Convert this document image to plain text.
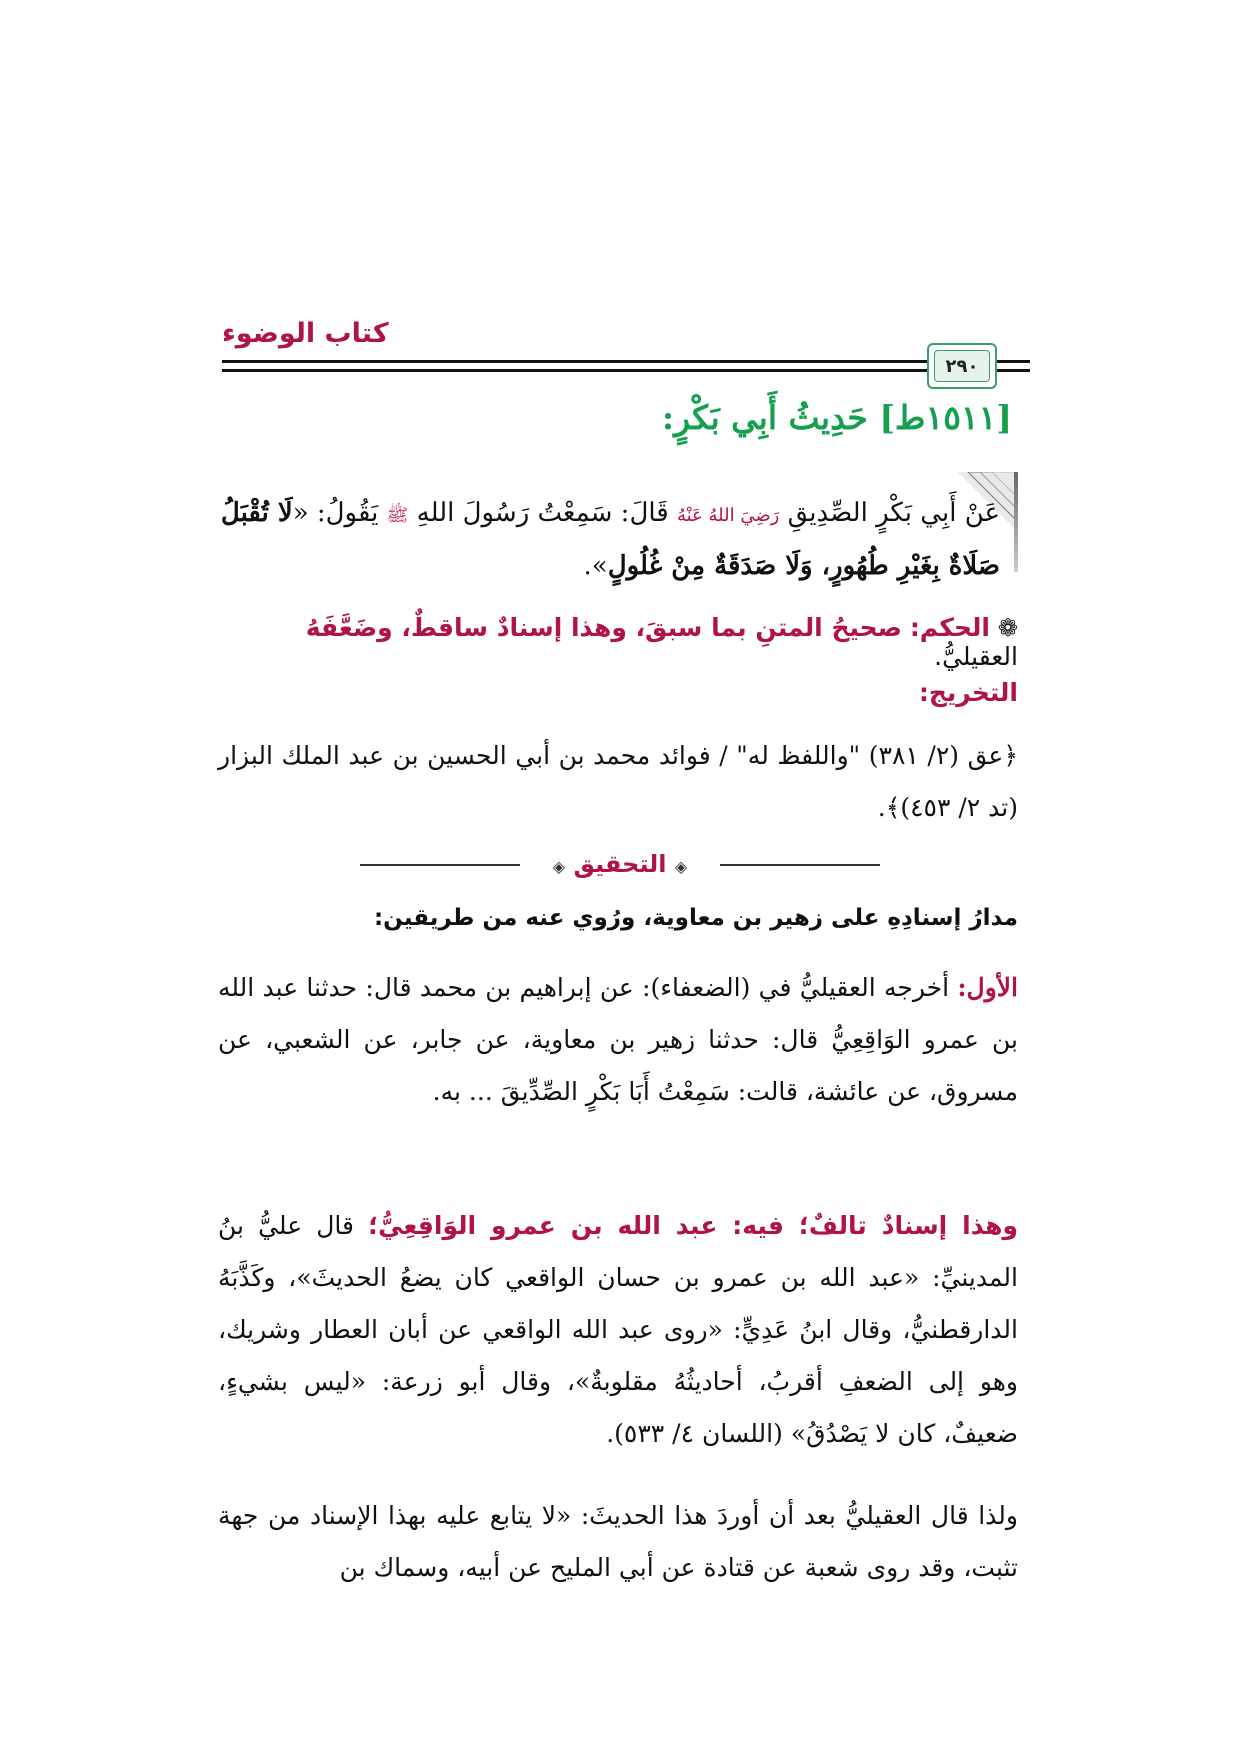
كتاب الوضوء
٢٩٠
[١٥١١ط] حَدِيثُ أَبِي بَكْرٍ:
عَنْ أَبِي بَكْرٍ الصِّدِيقِ رَضِيَ اللهُ عَنْهُ قَالَ: سَمِعْتُ رَسُولَ اللهِ ﷺ يَقُولُ: «لَا تُقْبَلُ صَلَاةٌ بِغَيْرِ طُهُورٍ، وَلَا صَدَقَةٌ مِنْ غُلُولٍ».
❁ الحكم: صحيحُ المتنِ بما سبقَ، وهذا إسنادٌ ساقطٌ، وضَعَّفَهُ العقيليُّ.
التخريج:
﴿عق (٢/ ٣٨١) "واللفظ له" / فوائد محمد بن أبي الحسين بن عبد الملك البزار (تد ٢/ ٤٥٣)﴾.
◈ التحقيق ◈
مدارُ إسنادِهِ على زهير بن معاوية، ورُوي عنه من طريقين:
الأول: أخرجه العقيليُّ في (الضعفاء): عن إبراهيم بن محمد قال: حدثنا عبد الله بن عمرو الوَاقِعِيُّ قال: حدثنا زهير بن معاوية، عن جابر، عن الشعبي، عن مسروق، عن عائشة، قالت: سَمِعْتُ أَبَا بَكْرٍ الصِّدِّيقَ ... به.
وهذا إسنادٌ تالفٌ؛ فيه: عبد الله بن عمرو الوَاقِعِيُّ؛ قال عليُّ بنُ المدينيِّ: «عبد الله بن عمرو بن حسان الواقعي كان يضعُ الحديثَ»، وكَذَّبَهُ الدارقطنيُّ، وقال ابنُ عَدِيٍّ: «روى عبد الله الواقعي عن أبان العطار وشريك، وهو إلى الضعفِ أقربُ، أحاديثُهُ مقلوبةٌ»، وقال أبو زرعة: «ليس بشيءٍ، ضعيفٌ، كان لا يَصْدُقُ» (اللسان ٤/ ٥٣٣).
ولذا قال العقيليُّ بعد أن أوردَ هذا الحديثَ: «لا يتابع عليه بهذا الإسناد من جهة تثبت، وقد روى شعبة عن قتادة عن أبي المليح عن أبيه، وسماك بن
